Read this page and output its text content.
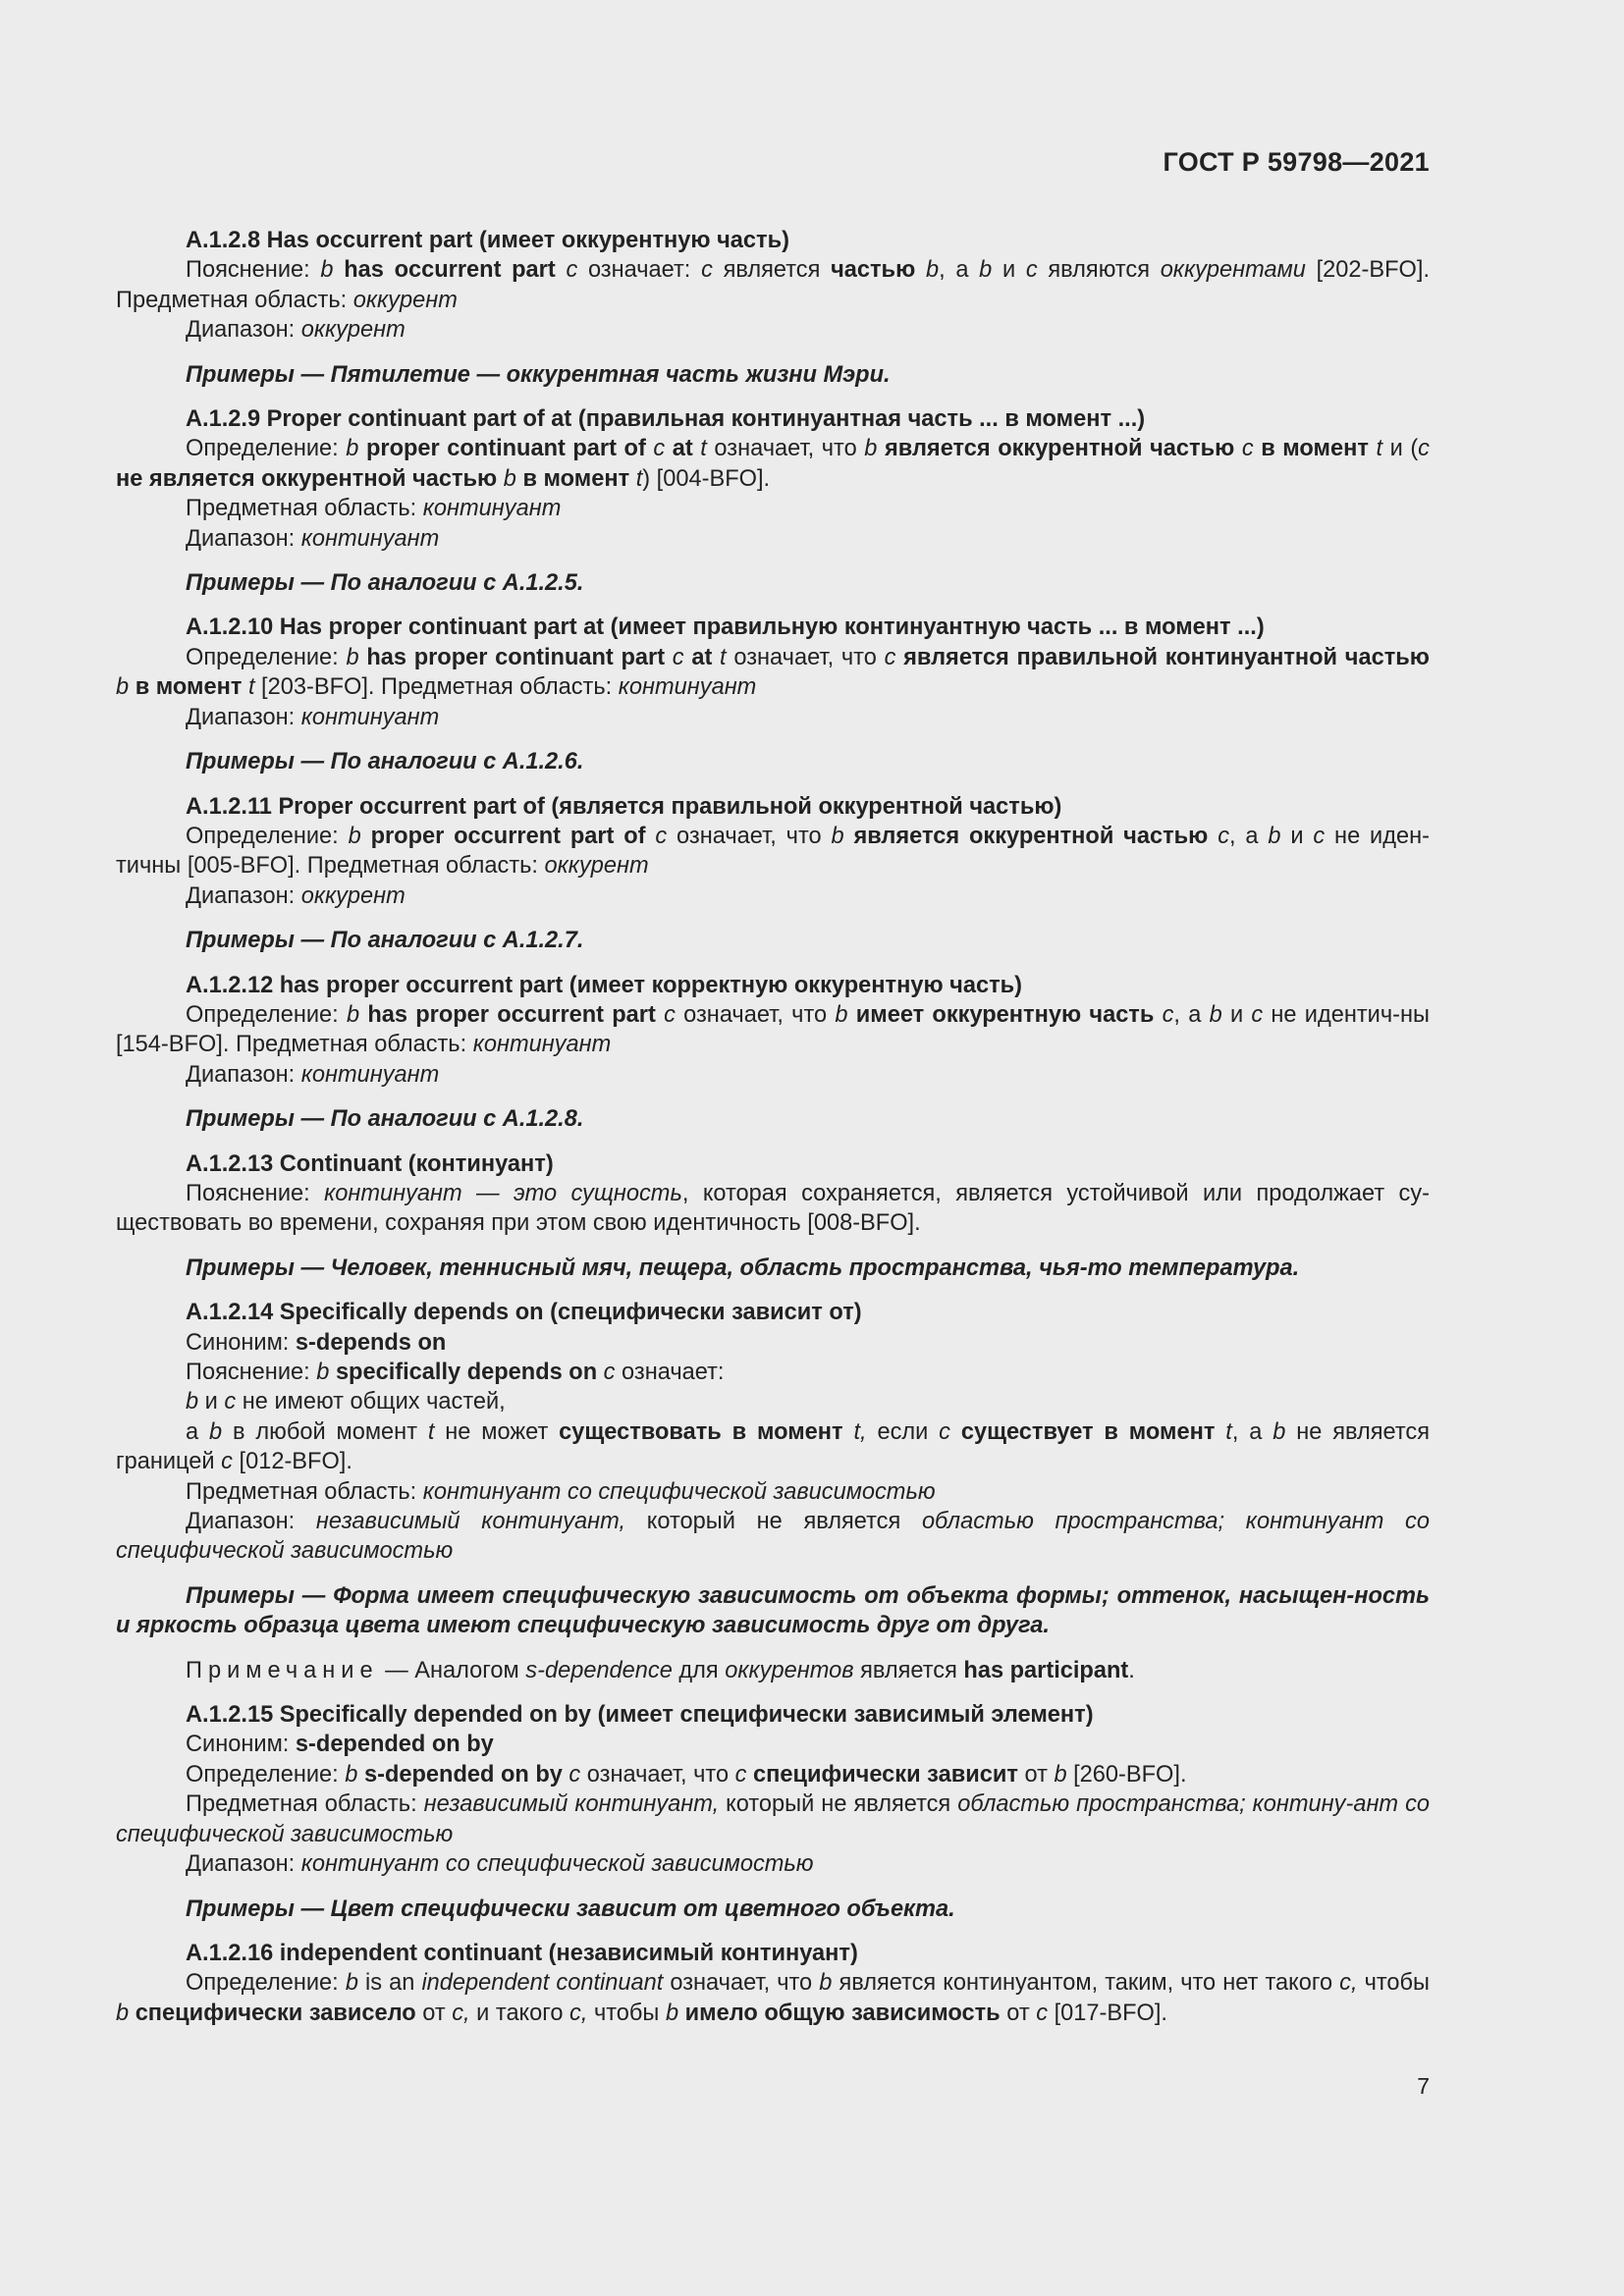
ГОСТ Р 59798—2021

А.1.2.8 Has occurrent part (имеет оккурентную часть)

Пояснение: b has occurrent part c означает: c является частью b, а b и c являются оккурентами [202-BFO]. Предметная область: оккурент

Диапазон: оккурент

Примеры — Пятилетие — оккурентная часть жизни Мэри.

А.1.2.9 Proper continuant part of at (правильная континуантная часть ... в момент ...)

Определение: b proper continuant part of c at t означает, что b является оккурентной частью c в момент t и (c не является оккурентной частью b в момент t) [004-BFO].

Предметная область: континуант

Диапазон: континуант

Примеры — По аналогии с А.1.2.5.

А.1.2.10 Has proper continuant part at (имеет правильную континуантную часть ... в момент ...)

Определение: b has proper continuant part c at t означает, что c является правильной континуантной частью b в момент t [203-BFO]. Предметная область: континуант

Диапазон: континуант

Примеры — По аналогии с А.1.2.6.

А.1.2.11 Proper occurrent part of (является правильной оккурентной частью)

Определение: b proper occurrent part of c означает, что b является оккурентной частью c, а b и c не иден-тичны [005-BFO]. Предметная область: оккурент

Диапазон: оккурент

Примеры — По аналогии с А.1.2.7.

А.1.2.12 has proper occurrent part (имеет корректную оккурентную часть)

Определение: b has proper occurrent part c означает, что b имеет оккурентную часть c, а b и c не идентич-ны [154-BFO]. Предметная область: континуант

Диапазон: континуант

Примеры — По аналогии с А.1.2.8.

А.1.2.13 Continuant (континуант)

Пояснение: континуант — это сущность, которая сохраняется, является устойчивой или продолжает су-ществовать во времени, сохраняя при этом свою идентичность [008-BFO].

Примеры — Человек, теннисный мяч, пещера, область пространства, чья-то температура.

А.1.2.14 Specifically depends on (специфически зависит от)

Синоним: s-depends on

Пояснение: b specifically depends on c означает:

b и c не имеют общих частей,

а b в любой момент t не может существовать в момент t, если c существует в момент t, а b не является границей c [012-BFO].

Предметная область: континуант со специфической зависимостью

Диапазон: независимый континуант, который не является областью пространства; континуант со специфической зависимостью

Примеры — Форма имеет специфическую зависимость от объекта формы; оттенок, насыщен-ность и яркость образца цвета имеют специфическую зависимость друг от друга.

Примечание — Аналогом s-dependence для оккурентов является has participant.

А.1.2.15 Specifically depended on by (имеет специфически зависимый элемент)

Синоним: s-depended on by

Определение: b s-depended on by c означает, что c специфически зависит от b [260-BFO].

Предметная область: независимый континуант, который не является областью пространства; контину-ант со специфической зависимостью

Диапазон: континуант со специфической зависимостью

Примеры — Цвет специфически зависит от цветного объекта.

А.1.2.16 independent continuant (независимый континуант)

Определение: b is an independent continuant означает, что b является континуантом, таким, что нет такого c, чтобы b специфически зависело от c, и такого c, чтобы b имело общую зависимость от c [017-BFO].

7
